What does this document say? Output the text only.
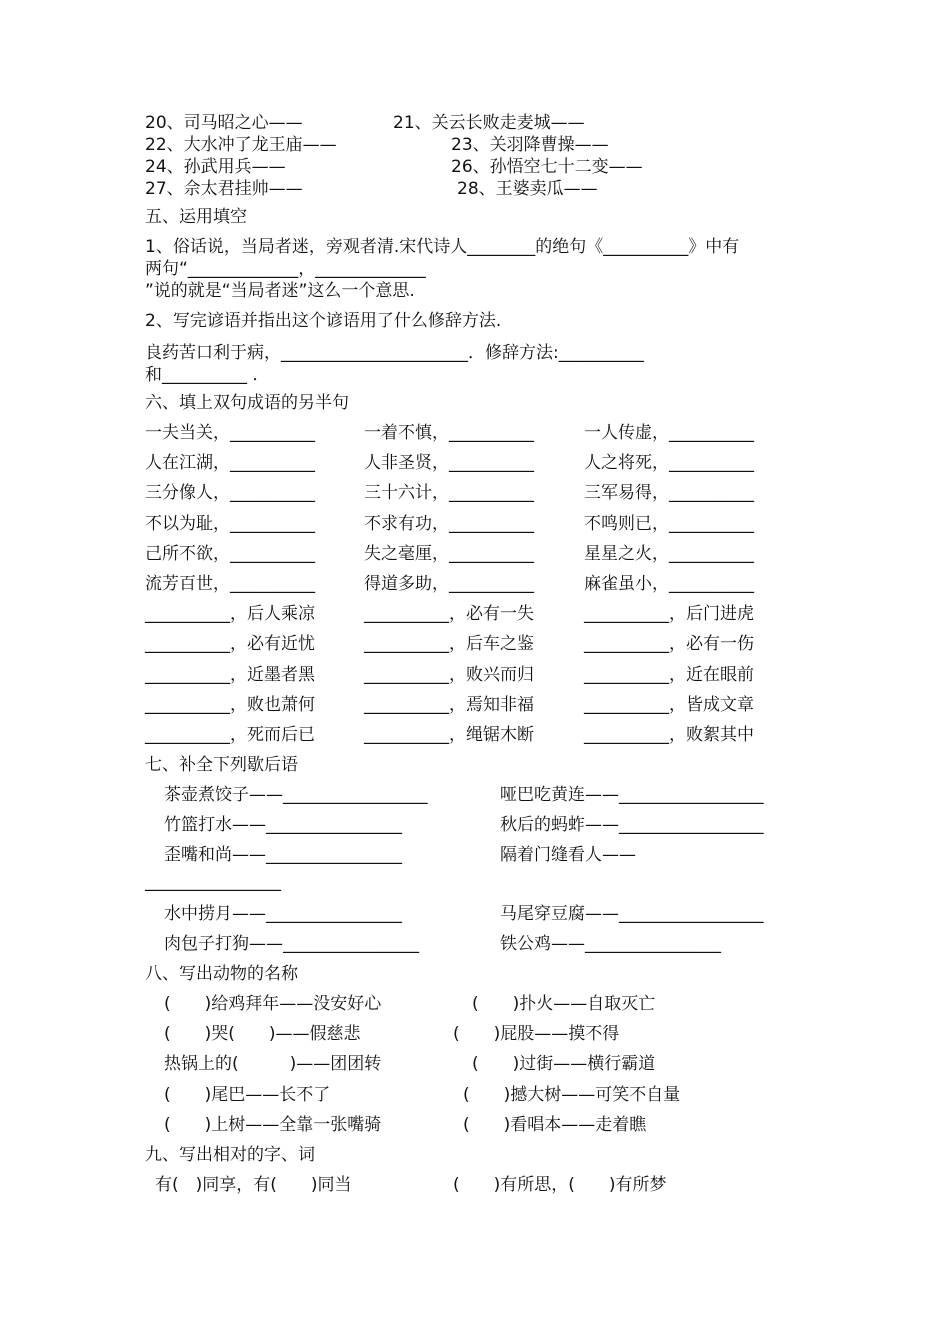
20、司马昭之心——	21、关云长败走麦城——
22、大水冲了龙王庙——	23、关羽降曹操——
24、孙武用兵——	26、孙悟空七十二变——
27、佘太君挂帅——	28、王婆卖瓜——
五、运用填空
1、俗话说，当局者迷，旁观者清.宋代诗人________的绝句《__________》中有
两句“_____________，_____________
”说的就是“当局者迷”这么一个意思.
2、写完谚语并指出这个谚语用了什么修辞方法.
良药苦口利于病，______________________．修辞方法:__________
和__________ ．
六、填上双句成语的另半句
一夫当关，__________	一着不慎，__________	一人传虚，__________
人在江湖，__________	人非圣贤，__________	人之将死，__________
三分像人，__________	三十六计，__________	三军易得，__________
不以为耻，__________	不求有功，__________	不鸣则已，__________
己所不欲，__________	失之毫厘，__________	星星之火，__________
流芳百世，__________	得道多助，__________	麻雀虽小，__________
__________，后人乘凉	__________，必有一失	__________，后门进虎
__________，必有近忧	__________，后车之鉴	__________，必有一伤
__________，近墨者黑	__________，败兴而归	__________，近在眼前
__________，败也萧何	__________，焉知非福	__________，皆成文章
__________，死而后已	__________，绳锯木断	__________，败絮其中
七、补全下列歇后语
茶壶煮饺子——_________________	哑巴吃黄连——_________________
竹篮打水——________________	秋后的蚂蚱——_________________
歪嘴和尚——________________	隔着门缝看人——
________________
水中捞月——________________	马尾穿豆腐——_________________
肉包子打狗——________________	铁公鸡——________________
八、写出动物的名称
(　　)给鸡拜年——没安好心	(　　)扑火——自取灭亡
(　　)哭(　　)——假慈悲	(　　)屁股——摸不得
热锅上的(　　　)——团团转	(　　)过街——横行霸道
(　　)尾巴——长不了	(　　)撼大树——可笑不自量
(　　)上树——全靠一张嘴骑	(　　)看唱本——走着瞧
九、写出相对的字、词
有(　)同享，有(　　)同当	(　　)有所思，(　　)有所梦
